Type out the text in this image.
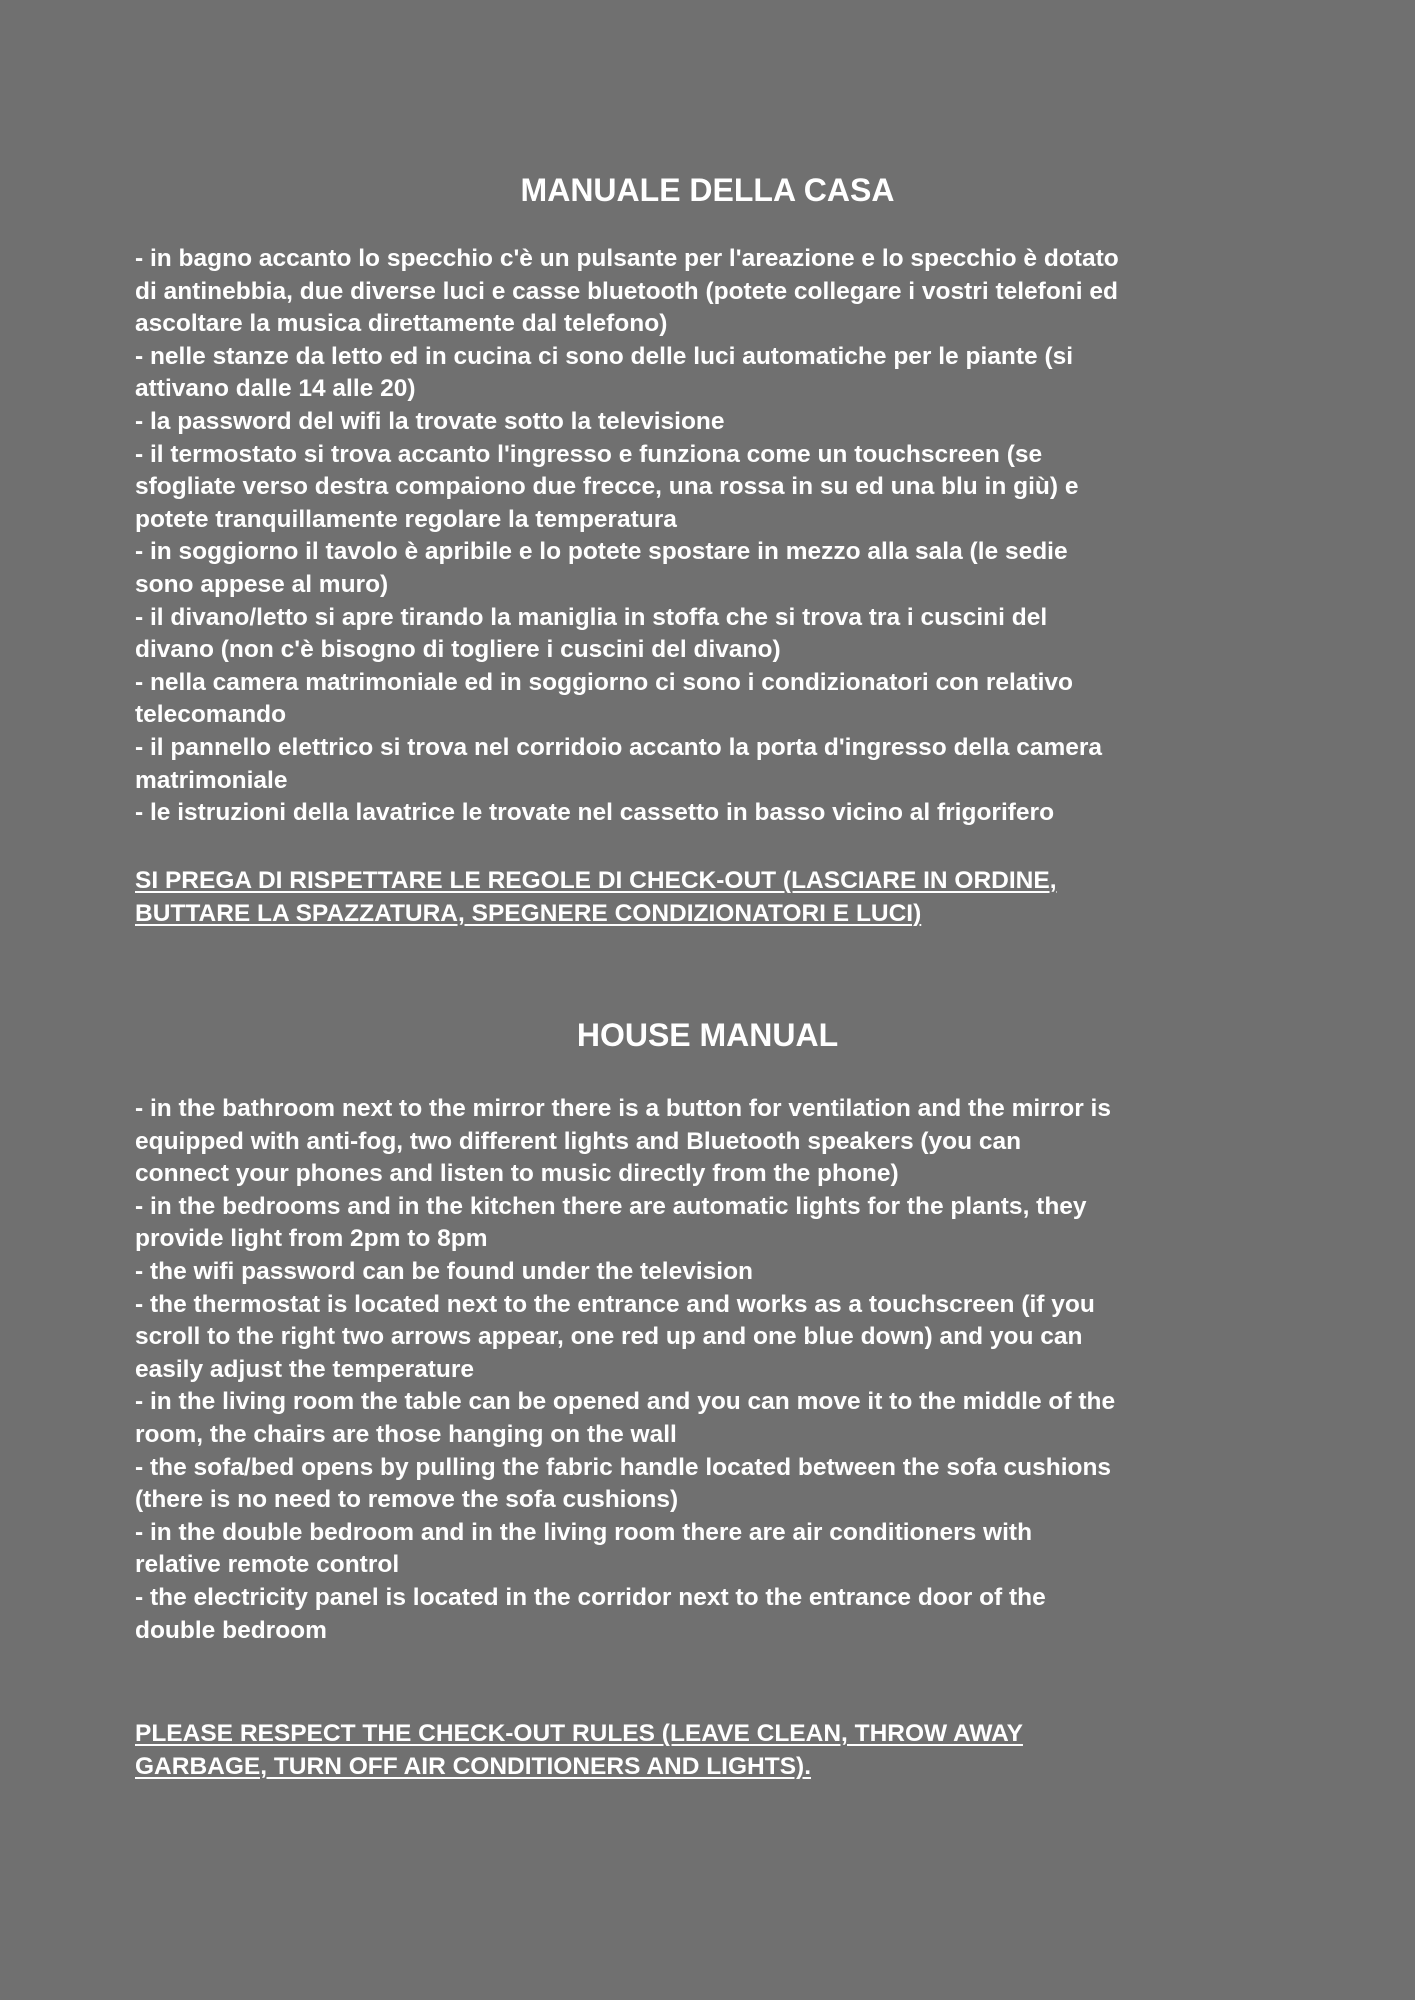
MANUALE DELLA CASA
- in bagno accanto lo specchio c'è un pulsante per l'areazione e lo specchio è dotato
di antinebbia, due diverse luci e casse bluetooth (potete collegare i vostri telefoni ed
ascoltare la musica direttamente dal telefono)
- nelle stanze da letto ed in cucina ci sono delle luci automatiche per le piante (si
attivano dalle 14 alle 20)
- la password del wifi la trovate sotto la televisione
- il termostato si trova accanto l'ingresso e funziona come un touchscreen (se
sfogliate verso destra compaiono due frecce, una rossa in su ed una blu in giù) e
potete tranquillamente regolare la temperatura
- in soggiorno il tavolo è apribile e lo potete spostare in mezzo alla sala (le sedie
sono appese al muro)
- il divano/letto si apre tirando la maniglia in stoffa che si trova tra i cuscini del
divano (non c'è bisogno di togliere i cuscini del divano)
- nella camera matrimoniale ed in soggiorno ci sono i condizionatori con relativo
telecomando
- il pannello elettrico si trova nel corridoio accanto la porta d'ingresso della camera
matrimoniale
- le istruzioni della lavatrice le trovate nel cassetto in basso vicino al frigorifero
SI PREGA DI RISPETTARE LE REGOLE DI CHECK-OUT (LASCIARE IN ORDINE,
BUTTARE LA SPAZZATURA, SPEGNERE CONDIZIONATORI E LUCI)
HOUSE MANUAL
- in the bathroom next to the mirror there is a button for ventilation and the mirror is
equipped with anti-fog, two different lights and Bluetooth speakers (you can
connect your phones and listen to music directly from the phone)
- in the bedrooms and in the kitchen there are automatic lights for the plants, they
provide light from 2pm to 8pm
- the wifi password can be found under the television
- the thermostat is located next to the entrance and works as a touchscreen (if you
scroll to the right two arrows appear, one red up and one blue down) and you can
easily adjust the temperature
- in the living room the table can be opened and you can move it to the middle of the
room, the chairs are those hanging on the wall
- the sofa/bed opens by pulling the fabric handle located between the sofa cushions
(there is no need to remove the sofa cushions)
- in the double bedroom and in the living room there are air conditioners with
relative remote control
- the electricity panel is located in the corridor next to the entrance door of the
double bedroom
PLEASE RESPECT THE CHECK-OUT RULES (LEAVE CLEAN, THROW AWAY
GARBAGE, TURN OFF AIR CONDITIONERS AND LIGHTS).
